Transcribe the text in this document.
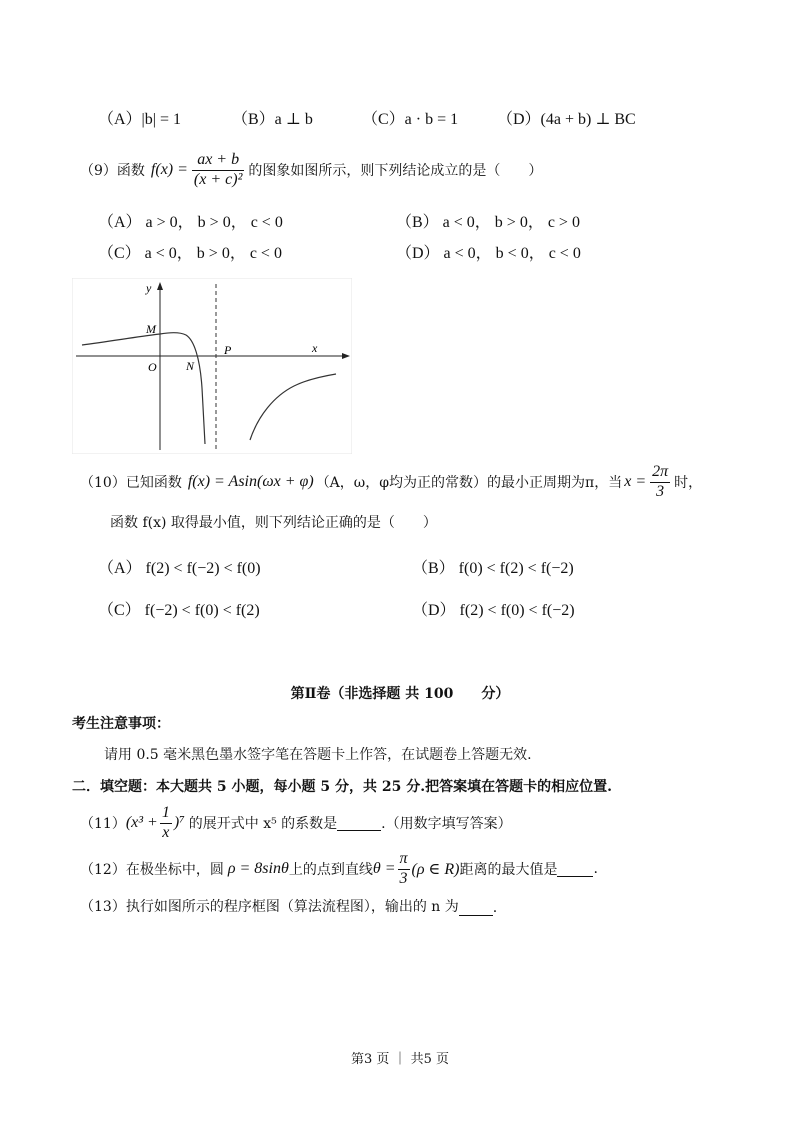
（A）|b| = 1	（B）a ⊥ b	（C）a · b = 1 （D）(4a + b) ⊥ BC
（9）函数 $f(x) = \frac{ax + b}{\text{(x + c)²}}$ 的图象如图所示，则下列结论成立的是（　　）
（A） a > 0， b > 0， c < 0	（B） a < 0， b > 0， c > 0
（C） a < 0， b > 0， c < 0	（D） a < 0， b < 0， c < 0
y
x
M
O N
P
（10）已知函数 f(x) = Asin(ωx + φ) （A，ω，φ均为正的常数）的最小正周期为π，当 $x = \frac{2\pi}{3}$ 时，
函数 f(x) 取得最小值，则下列结论正确的是（　　）
（A） f(2) < f(−2) < f(0)	（B） f(0) < f(2) < f(−2)
（C） f(−2) < f(0) < f(2)	（D） f(2) < f(0) < f(−2)
第Ⅱ卷（非选择题 共 100　　分）
考生注意事项：
请用 0.5 毫米黑色墨水签字笔在答题卡上作答，在试题卷上答题无效.
二．填空题：本大题共 5 小题，每小题 5 分，共 25 分.把答案填在答题卡的相应位置.
（11） $(x^3 + \frac{1}{x} )^7$ 的展开式中 x⁵ 的系数是	.（用数字填写答案）
（12）在极坐标中，圆 ρ = 8sinθ 上的点到直线 $\theta = \frac{\pi}{3} (\rho$ ∈ R) 距离的最大值是	.
（13）执行如图所示的程序框图（算法流程图），输出的 n 为 .
第3 页 ｜ 共5 页
